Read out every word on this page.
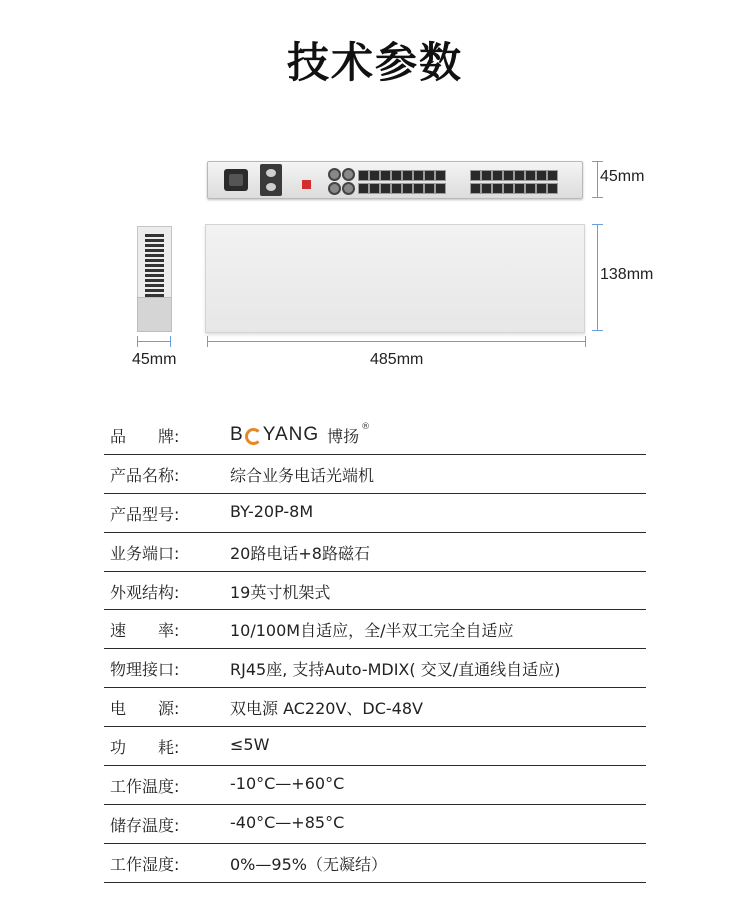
技术参数
45mm
138mm
45mm	485mm
品　　牌:	B YANG 博扬 ®
产品名称:	综合业务电话光端机
产品型号:	BY-20P-8M
业务端口:	20路电话+8路磁石
外观结构:	19英寸机架式
速　　率:	10/100M自适应，全/半双工完全自适应
物理接口:	RJ45座, 支持Auto-MDIX( 交叉/直通线自适应)
电　　源:	双电源 AC220V、DC-48V
功　　耗:	≤5W
工作温度:	-10°C—+60°C
储存温度:	-40°C—+85°C
工作湿度:	0%—95%（无凝结）
